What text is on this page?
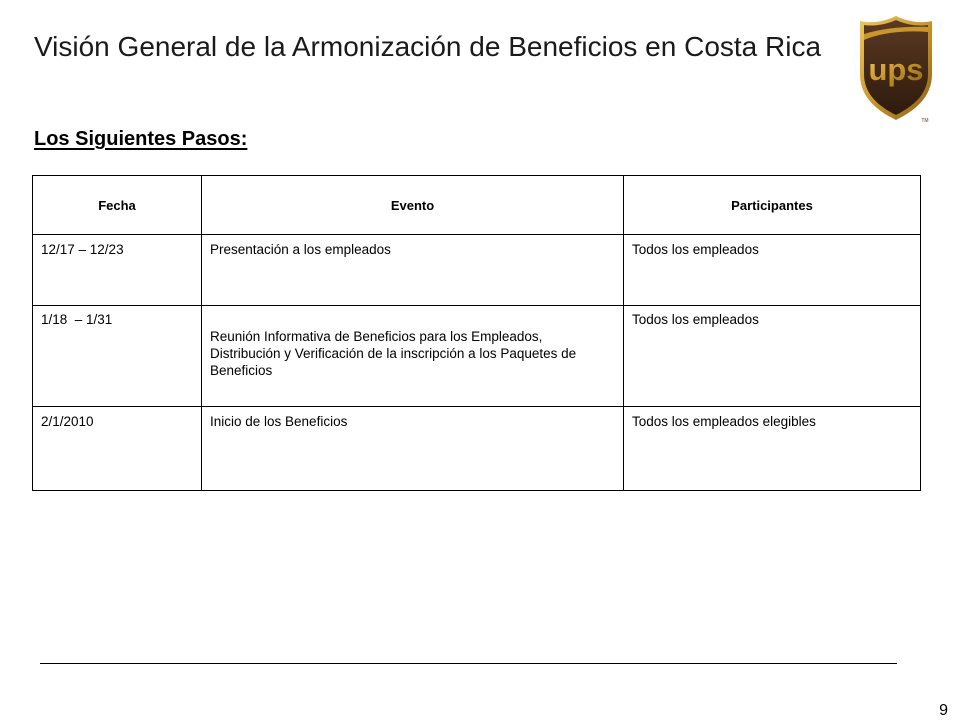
Visión General de la Armonización de Beneficios en Costa Rica
ups
TM
Los Siguientes Pasos:
Fecha	Evento	Participantes
12/17 – 12/23	Presentación a los empleados	Todos los empleados
1/18  – 1/31	Reunión Informativa de Beneficios para los Empleados, Distribución y Verificación de la inscripción a los Paquetes de Beneficios	Todos los empleados
2/1/2010	Inicio de los Beneficios	Todos los empleados elegibles
9
